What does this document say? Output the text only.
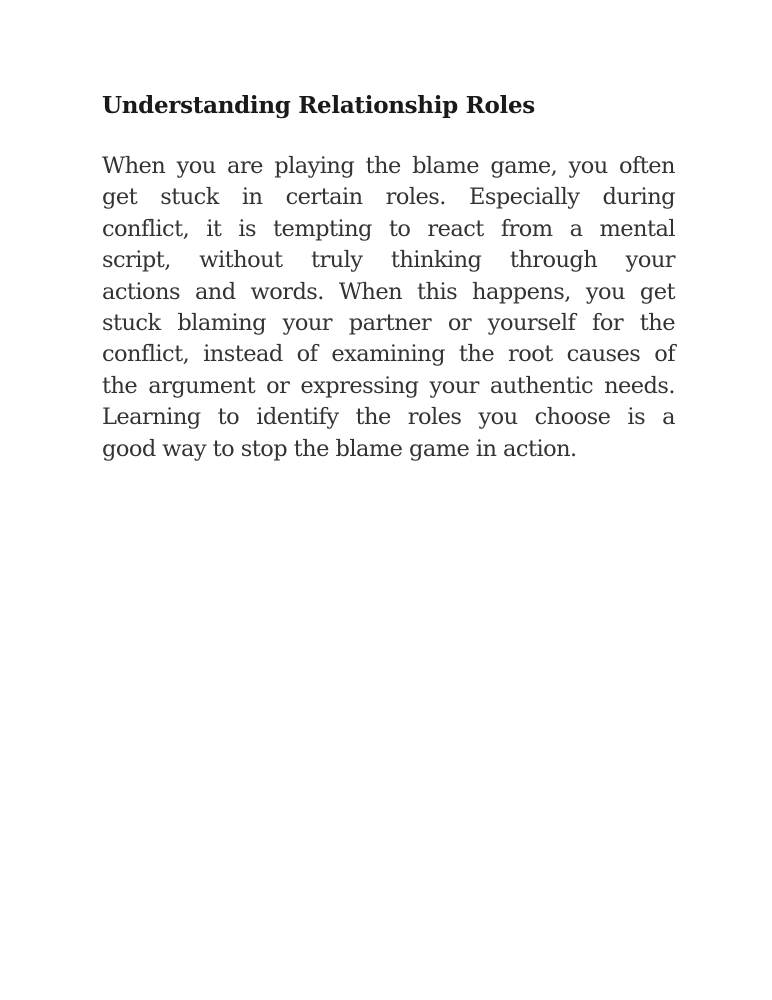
Understanding Relationship Roles

When you are playing the blame game, you often
get stuck in certain roles. Especially during
conflict, it is tempting to react from a mental
script, without truly thinking through your
actions and words. When this happens, you get
stuck blaming your partner or yourself for the
conflict, instead of examining the root causes of
the argument or expressing your authentic needs.
Learning to identify the roles you choose is a
good way to stop the blame game in action.
